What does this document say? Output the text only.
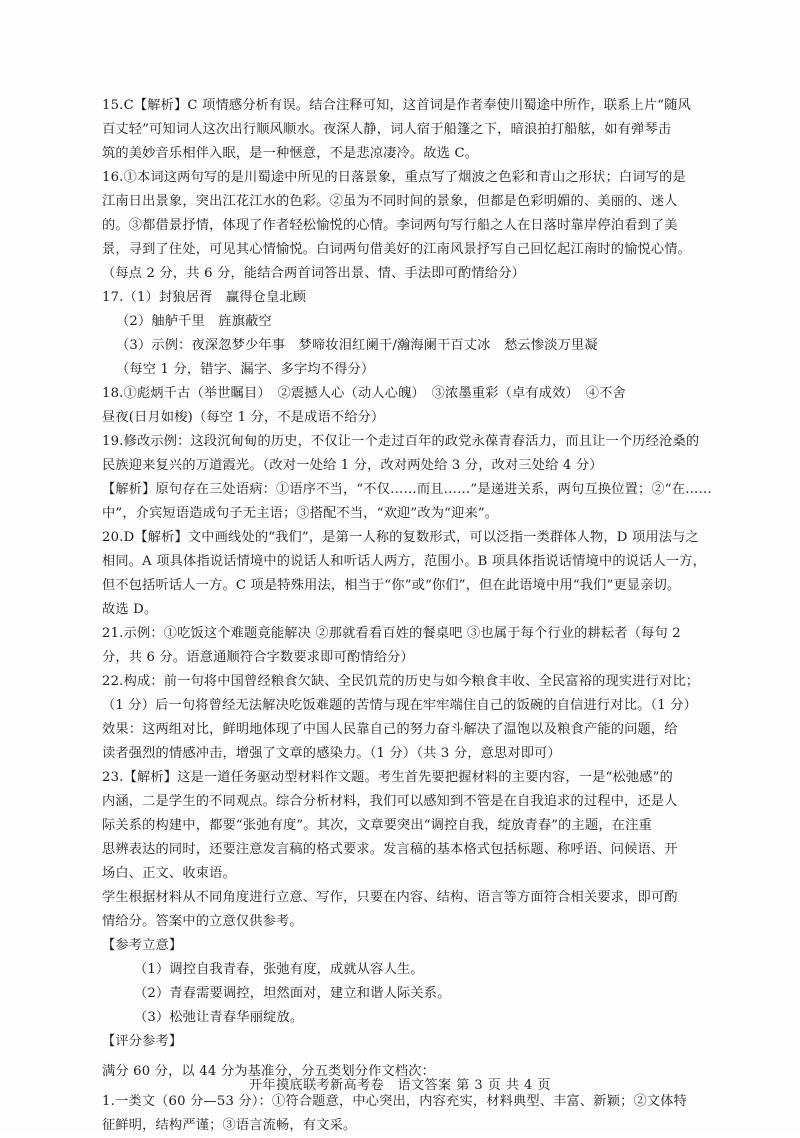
15.C【解析】C 项情感分析有误。结合注释可知，这首词是作者奉使川蜀途中所作，联系上片“随风
百丈轻”可知词人这次出行顺风顺水。夜深人静，词人宿于船篷之下，暗浪拍打船舷，如有弹琴击
筑的美妙音乐相伴入眠，是一种惬意，不是悲凉凄冷。故选 C。
16.①本词这两句写的是川蜀途中所见的日落景象，重点写了烟波之色彩和青山之形状；白词写的是
江南日出景象，突出江花江水的色彩。②虽为不同时间的景象，但都是色彩明媚的、美丽的、迷人
的。③都借景抒情，体现了作者轻松愉悦的心情。李词两句写行船之人在日落时靠岸停泊看到了美
景，寻到了住处，可见其心情愉悦。白词两句借美好的江南风景抒写自己回忆起江南时的愉悦心情。
（每点 2 分，共 6 分，能结合两首词答出景、情、手法即可酌情给分）
17.（1）封狼居胥　赢得仓皇北顾
（2）舳舻千里　旌旗蔽空
（3）示例：夜深忽梦少年事　梦啼妆泪红阑干/瀚海阑干百丈冰　愁云惨淡万里凝
（每空 1 分，错字、漏字、多字均不得分）
18.①彪炳千古（举世瞩目）　②震撼人心（动人心魄）　③浓墨重彩（卓有成效）　④不舍
昼夜(日月如梭)（每空 1 分，不是成语不给分）
19.修改示例：这段沉甸甸的历史，不仅让一个走过百年的政党永葆青春活力，而且让一个历经沧桑的
民族迎来复兴的万道霞光。（改对一处给 1 分，改对两处给 3 分，改对三处给 4 分）
【解析】原句存在三处语病：①语序不当，“不仅……而且……”是递进关系，两句互换位置；②“在……
中”，介宾短语造成句子无主语；③搭配不当，“欢迎”改为“迎来”。
20.D【解析】文中画线处的“我们”，是第一人称的复数形式，可以泛指一类群体人物，D 项用法与之
相同。A 项具体指说话情境中的说话人和听话人两方，范围小。B 项具体指说话情境中的说话人一方，
但不包括听话人一方。C 项是特殊用法，相当于“你”或“你们”，但在此语境中用“我们”更显亲切。
故选 D。
21.示例：①吃饭这个难题竟能解决 ②那就看看百姓的餐桌吧 ③也属于每个行业的耕耘者（每句 2
分，共 6 分。语意通顺符合字数要求即可酌情给分）
22.构成：前一句将中国曾经粮食欠缺、全民饥荒的历史与如今粮食丰收、全民富裕的现实进行对比；
（1 分）后一句将曾经无法解决吃饭难题的苦情与现在牢牢端住自己的饭碗的自信进行对比。（1 分）
效果：这两组对比，鲜明地体现了中国人民靠自己的努力奋斗解决了温饱以及粮食产能的问题，给
读者强烈的情感冲击，增强了文章的感染力。（1 分）（共 3 分，意思对即可）
23.【解析】这是一道任务驱动型材料作文题。考生首先要把握材料的主要内容，一是“松弛感”的
内涵，二是学生的不同观点。综合分析材料，我们可以感知到不管是在自我追求的过程中，还是人
际关系的构建中，都要“张弛有度”。其次，文章要突出“调控自我，绽放青春”的主题，在注重
思辨表达的同时，还要注意发言稿的格式要求。发言稿的基本格式包括标题、称呼语、问候语、开
场白、正文、收束语。
学生根据材料从不同角度进行立意、写作，只要在内容、结构、语言等方面符合相关要求，即可酌
情给分。答案中的立意仅供参考。
【参考立意】
（1）调控自我青春，张弛有度，成就从容人生。
（2）青春需要调控，坦然面对，建立和谐人际关系。
（3）松弛让青春华丽绽放。
【评分参考】
满分 60 分，以 44 分为基准分，分五类划分作文档次：
1.一类文（60 分—53 分）：①符合题意，中心突出，内容充实，材料典型、丰富、新颖；②文体特
征鲜明，结构严谨；③语言流畅，有文采。
开年摸底联考新高考卷　语文答案 第 3 页 共 4 页
